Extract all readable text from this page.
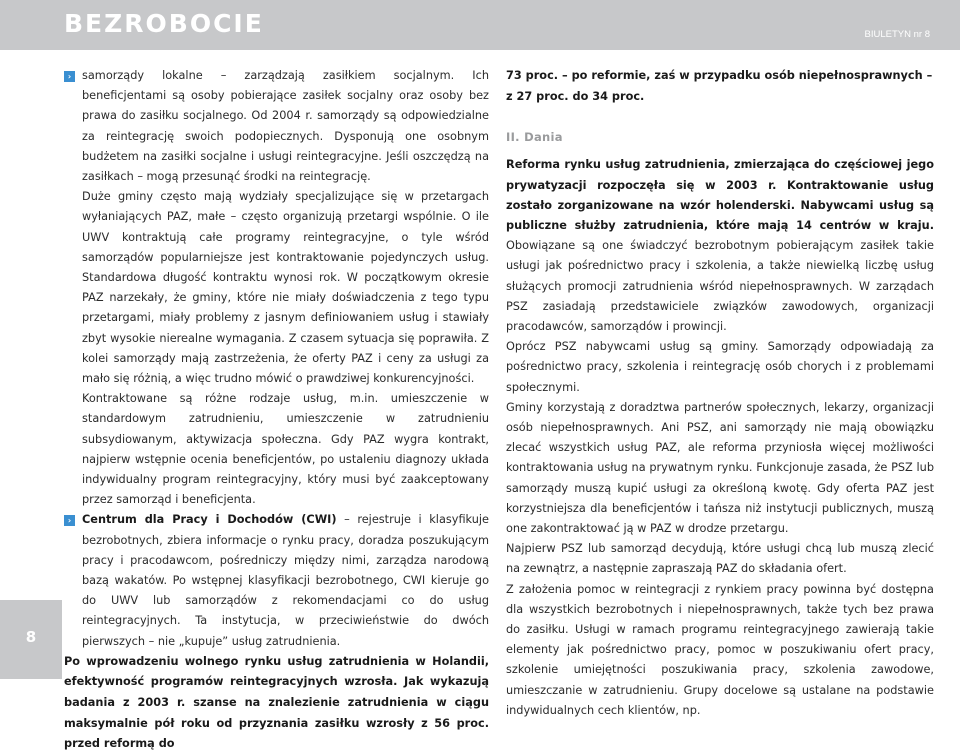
BEZROBOCIE	BIULETYN nr 8

› samorządy lokalne – zarządzają zasiłkiem socjalnym. Ich beneficjentami są osoby pobierające zasiłek socjalny oraz osoby bez prawa do zasiłku socjalnego. Od 2004 r. samorządy są odpowiedzialne za reintegrację swoich podopiecznych. Dysponują one osobnym budżetem na zasiłki socjalne i usługi reintegracyjne. Jeśli oszczędzą na zasiłkach – mogą przesunąć środki na reintegrację.

Duże gminy często mają wydziały specjalizujące się w przetargach wyłaniających PAZ, małe – często organizują przetargi wspólnie. O ile UWV kontraktują całe programy reintegracyjne, o tyle wśród samorządów popularniejsze jest kontraktowanie pojedynczych usług. Standardowa długość kontraktu wynosi rok. W początkowym okresie PAZ narzekały, że gminy, które nie miały doświadczenia z tego typu przetargami, miały problemy z jasnym definiowaniem usług i stawiały zbyt wysokie nierealne wymagania. Z czasem sytuacja się poprawiła. Z kolei samorządy mają zastrzeżenia, że oferty PAZ i ceny za usługi za mało się różnią, a więc trudno mówić o prawdziwej konkurencyjności.

Kontraktowane są różne rodzaje usług, m.in. umieszczenie w standardowym zatrudnieniu, umieszczenie w zatrudnieniu subsydiowanym, aktywizacja społeczna. Gdy PAZ wygra kontrakt, najpierw wstępnie ocenia beneficjentów, po ustaleniu diagnozy układa indywidualny program reintegracyjny, który musi być zaakceptowany przez samorząd i beneficjenta.

› Centrum dla Pracy i Dochodów (CWI) – rejestruje i klasyfikuje bezrobotnych, zbiera informacje o rynku pracy, doradza poszukującym pracy i pracodawcom, pośredniczy między nimi, zarządza narodową bazą wakatów. Po wstępnej klasyfikacji bezrobotnego, CWI kieruje go do UWV lub samorządów z rekomendacjami co do usług reintegracyjnych. Ta instytucja, w przeciwieństwie do dwóch pierwszych – nie „kupuje” usług zatrudnienia.

Po wprowadzeniu wolnego rynku usług zatrudnienia w Holandii, efektywność programów reintegracyjnych wzrosła. Jak wykazują badania z 2003 r. szanse na znalezienie zatrudnienia w ciągu maksymalnie pół roku od przyznania zasiłku wzrosły z 56 proc. przed reformą do

73 proc. – po reformie, zaś w przypadku osób niepełnosprawnych – z 27 proc. do 34 proc.

II. Dania

Reforma rynku usług zatrudnienia, zmierzająca do częściowej jego prywatyzacji rozpoczęła się w 2003 r. Kontraktowanie usług zostało zorganizowane na wzór holenderski. Nabywcami usług są publiczne służby zatrudnienia, które mają 14 centrów w kraju. Obowiązane są one świadczyć bezrobotnym pobierającym zasiłek takie usługi jak pośrednictwo pracy i szkolenia, a także niewielką liczbę usług służących promocji zatrudnienia wśród niepełnosprawnych. W zarządach PSZ zasiadają przedstawiciele związków zawodowych, organizacji pracodawców, samorządów i prowincji.

Oprócz PSZ nabywcami usług są gminy. Samorządy odpowiadają za pośrednictwo pracy, szkolenia i reintegrację osób chorych i z problemami społecznymi.

Gminy korzystają z doradztwa partnerów społecznych, lekarzy, organizacji osób niepełnosprawnych. Ani PSZ, ani samorządy nie mają obowiązku zlecać wszystkich usług PAZ, ale reforma przyniosła więcej możliwości kontraktowania usług na prywatnym rynku. Funkcjonuje zasada, że PSZ lub samorządy muszą kupić usługi za określoną kwotę. Gdy oferta PAZ jest korzystniejsza dla beneficjentów i tańsza niż instytucji publicznych, muszą one zakontraktować ją w PAZ w drodze przetargu.

Najpierw PSZ lub samorząd decydują, które usługi chcą lub muszą zlecić na zewnątrz, a następnie zapraszają PAZ do składania ofert.

Z założenia pomoc w reintegracji z rynkiem pracy powinna być dostępna dla wszystkich bezrobotnych i niepełnosprawnych, także tych bez prawa do zasiłku. Usługi w ramach programu reintegracyjnego zawierają takie elementy jak pośrednictwo pracy, pomoc w poszukiwaniu ofert pracy, szkolenie umiejętności poszukiwania pracy, szkolenia zawodowe, umieszczanie w zatrudnieniu. Grupy docelowe są ustalane na podstawie indywidualnych cech klientów, np.

8
